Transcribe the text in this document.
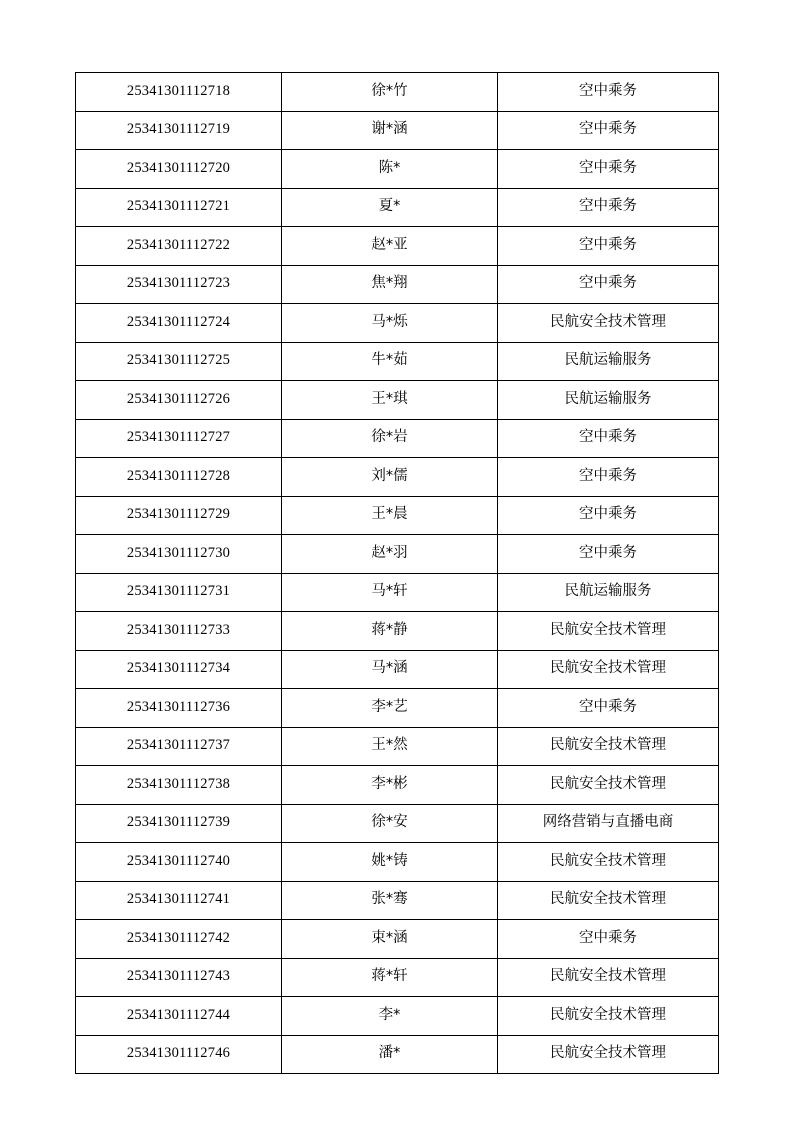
25341301112718	徐*竹	空中乘务
25341301112719	谢*涵	空中乘务
25341301112720	陈*	空中乘务
25341301112721	夏*	空中乘务
25341301112722	赵*亚	空中乘务
25341301112723	焦*翔	空中乘务
25341301112724	马*烁	民航安全技术管理
25341301112725	牛*茹	民航运输服务
25341301112726	王*琪	民航运输服务
25341301112727	徐*岩	空中乘务
25341301112728	刘*儒	空中乘务
25341301112729	王*晨	空中乘务
25341301112730	赵*羽	空中乘务
25341301112731	马*轩	民航运输服务
25341301112733	蒋*静	民航安全技术管理
25341301112734	马*涵	民航安全技术管理
25341301112736	李*艺	空中乘务
25341301112737	王*然	民航安全技术管理
25341301112738	李*彬	民航安全技术管理
25341301112739	徐*安	网络营销与直播电商
25341301112740	姚*铸	民航安全技术管理
25341301112741	张*骞	民航安全技术管理
25341301112742	束*涵	空中乘务
25341301112743	蒋*轩	民航安全技术管理
25341301112744	李*	民航安全技术管理
25341301112746	潘*	民航安全技术管理
